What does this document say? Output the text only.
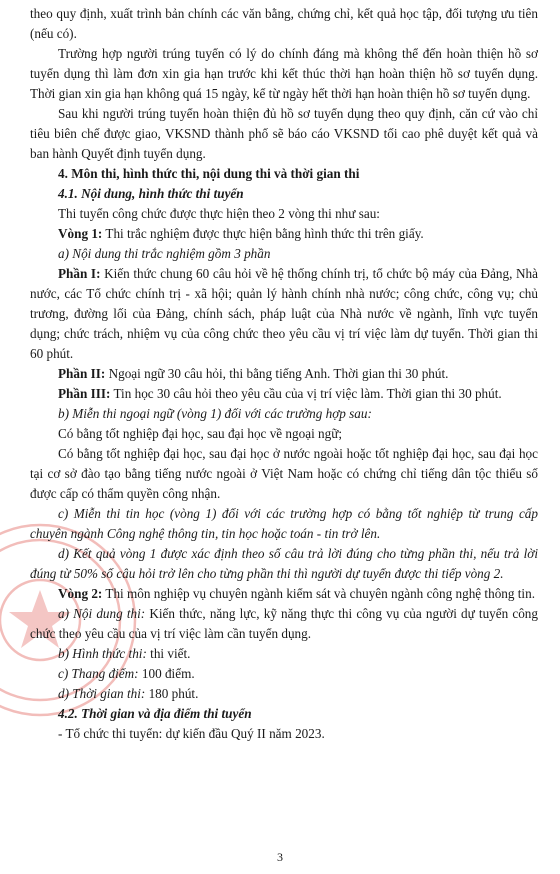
theo quy định, xuất trình bản chính các văn bằng, chứng chỉ, kết quả học tập, đối tượng ưu tiên (nếu có).

Trường hợp người trúng tuyển có lý do chính đáng mà không thể đến hoàn thiện hồ sơ tuyển dụng thì làm đơn xin gia hạn trước khi kết thúc thời hạn hoàn thiện hồ sơ tuyển dụng. Thời gian xin gia hạn không quá 15 ngày, kể từ ngày hết thời hạn hoàn thiện hồ sơ tuyển dụng.

Sau khi người trúng tuyển hoàn thiện đủ hồ sơ tuyển dụng theo quy định, căn cứ vào chỉ tiêu biên chế được giao, VKSND thành phố sẽ báo cáo VKSND tối cao phê duyệt kết quả và ban hành Quyết định tuyển dụng.

4. Môn thi, hình thức thi, nội dung thi và thời gian thi

4.1. Nội dung, hình thức thi tuyển

Thi tuyển công chức được thực hiện theo 2 vòng thi như sau:

Vòng 1: Thi trắc nghiệm được thực hiện bằng hình thức thi trên giấy.

a) Nội dung thi trắc nghiệm gồm 3 phần

Phần I: Kiến thức chung 60 câu hỏi về hệ thống chính trị, tổ chức bộ máy của Đảng, Nhà nước, các Tổ chức chính trị - xã hội; quản lý hành chính nhà nước; công chức, công vụ; chủ trương, đường lối của Đảng, chính sách, pháp luật của Nhà nước về ngành, lĩnh vực tuyển dụng; chức trách, nhiệm vụ của công chức theo yêu cầu vị trí việc làm dự tuyển. Thời gian thi 60 phút.

Phần II: Ngoại ngữ 30 câu hỏi, thi bằng tiếng Anh. Thời gian thi 30 phút.

Phần III: Tin học 30 câu hỏi theo yêu cầu của vị trí việc làm. Thời gian thi 30 phút.

b) Miễn thi ngoại ngữ (vòng 1) đối với các trường hợp sau:

Có bằng tốt nghiệp đại học, sau đại học về ngoại ngữ;

Có bằng tốt nghiệp đại học, sau đại học ở nước ngoài hoặc tốt nghiệp đại học, sau đại học tại cơ sở đào tạo bằng tiếng nước ngoài ở Việt Nam hoặc có chứng chỉ tiếng dân tộc thiểu số được cấp có thẩm quyền công nhận.

c) Miễn thi tin học (vòng 1) đối với các trường hợp có bằng tốt nghiệp từ trung cấp chuyên ngành Công nghệ thông tin, tin học hoặc toán - tin trở lên.

d) Kết quả vòng 1 được xác định theo số câu trả lời đúng cho từng phần thi, nếu trả lời đúng từ 50% số câu hỏi trở lên cho từng phần thi thì người dự tuyển được thi tiếp vòng 2.

Vòng 2: Thi môn nghiệp vụ chuyên ngành kiểm sát và chuyên ngành công nghệ thông tin.

a) Nội dung thi: Kiến thức, năng lực, kỹ năng thực thi công vụ của người dự tuyển công chức theo yêu cầu của vị trí việc làm cần tuyển dụng.

b) Hình thức thi: thi viết.

c) Thang điểm: 100 điểm.

d) Thời gian thi: 180 phút.

4.2. Thời gian và địa điểm thi tuyển

- Tổ chức thi tuyển: dự kiến đầu Quý II năm 2023.

3
